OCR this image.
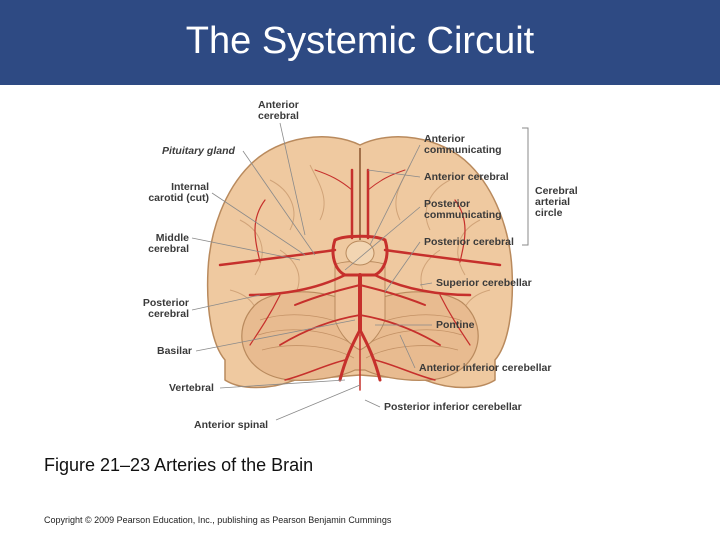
The Systemic Circuit
Pituitary gland
Internal
carotid (cut)
Middle
cerebral
Posterior
cerebral
Basilar
Vertebral
Anterior spinal
Anterior
cerebral
Anterior
communicating
Anterior cerebral
Posterior
communicating
Posterior cerebral
Superior cerebellar
Pontine
Anterior inferior cerebellar
Posterior inferior cerebellar
Cerebral
arterial
circle
Figure 21–23 Arteries of the Brain
Copyright © 2009 Pearson Education, Inc., publishing as Pearson Benjamin Cummings
